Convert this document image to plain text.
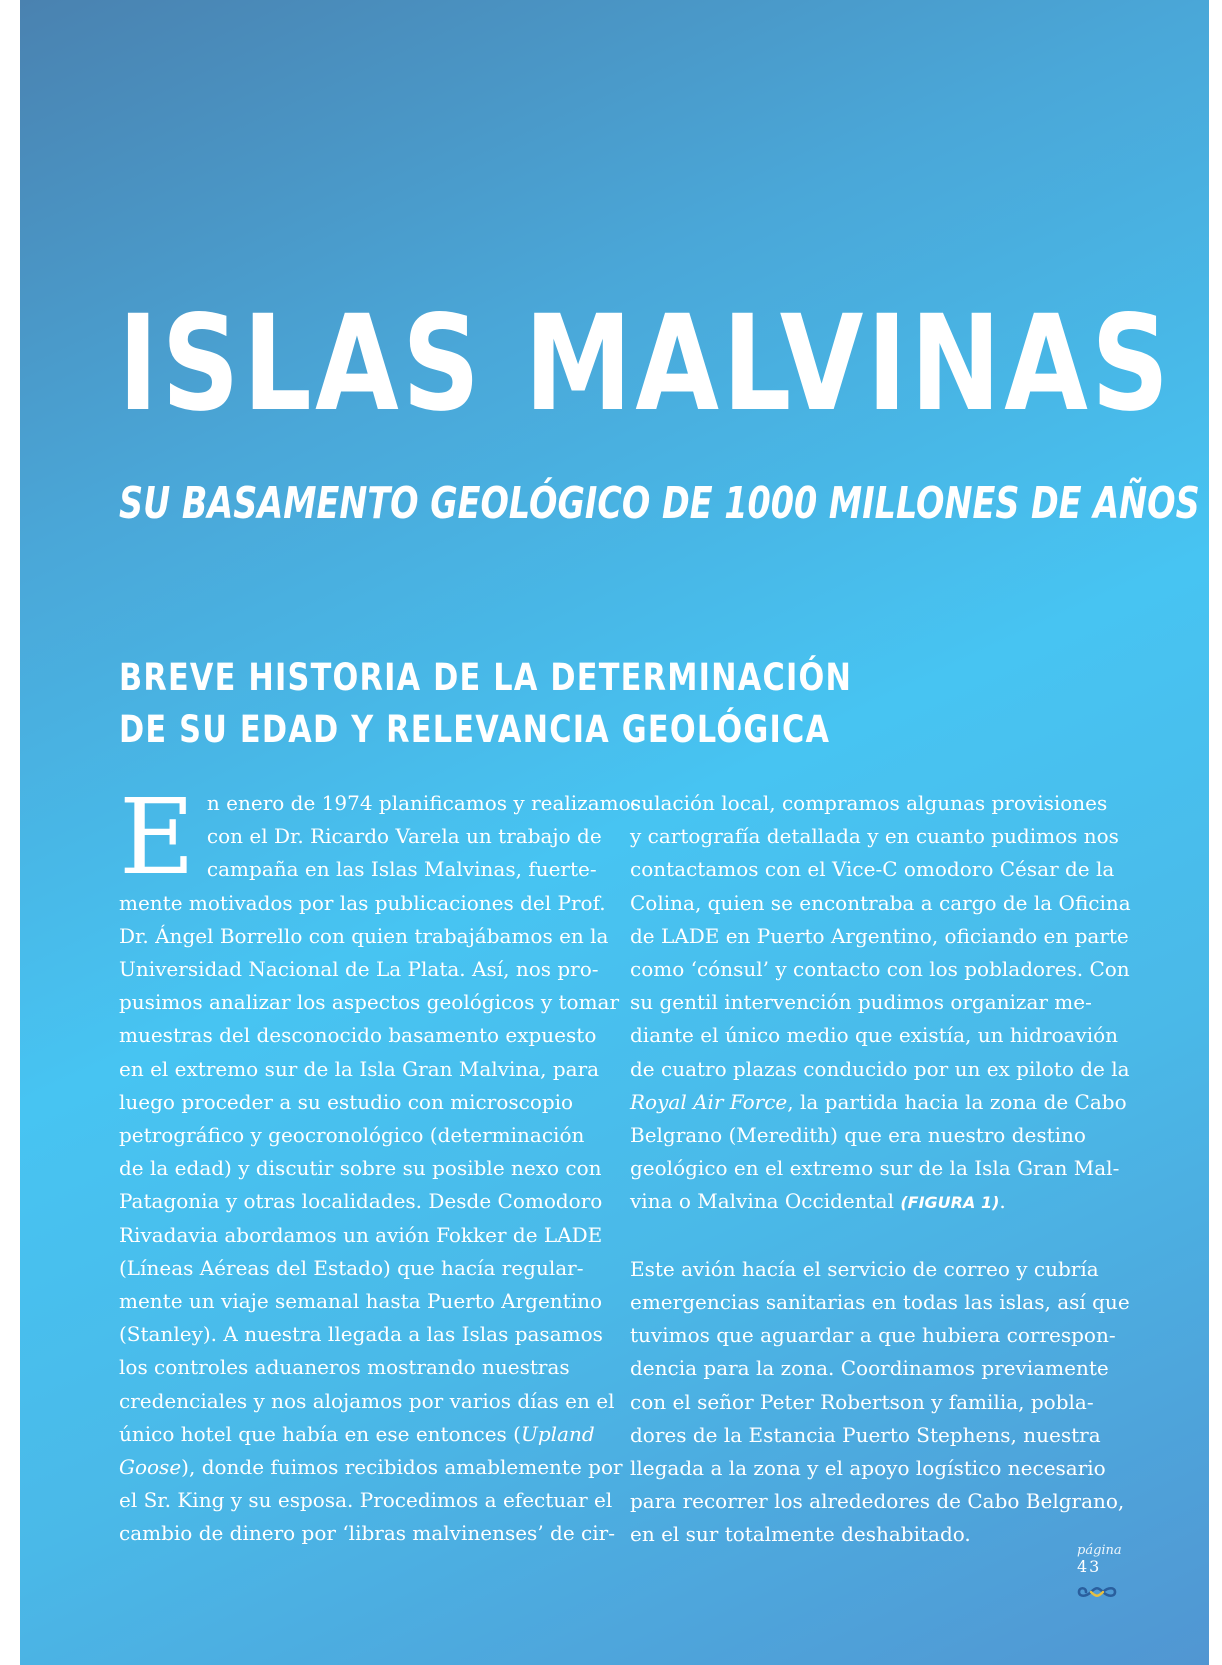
ISLAS MALVINAS
SU BASAMENTO GEOLÓGICO DE 1000 MILLONES DE AÑOS
BREVE HISTORIA DE LA DETERMINACIÓN
DE SU EDAD Y RELEVANCIA GEOLÓGICA
E n enero de 1974 planificamos y realizamos
con el Dr. Ricardo Varela un trabajo de
campaña en las Islas Malvinas, fuerte-
mente motivados por las publicaciones del Prof.
Dr. Ángel Borrello con quien trabajábamos en la
Universidad Nacional de La Plata. Así, nos pro-
pusimos analizar los aspectos geológicos y tomar
muestras del desconocido basamento expuesto
en el extremo sur de la Isla Gran Malvina, para
luego proceder a su estudio con microscopio
petrográfico y geocronológico (determinación
de la edad) y discutir sobre su posible nexo con
Patagonia y otras localidades. Desde Comodoro
Rivadavia abordamos un avión Fokker de LADE
(Líneas Aéreas del Estado) que hacía regular-
mente un viaje semanal hasta Puerto Argentino
(Stanley). A nuestra llegada a las Islas pasamos
los controles aduaneros mostrando nuestras
credenciales y nos alojamos por varios días en el
único hotel que había en ese entonces (Upland
Goose), donde fuimos recibidos amablemente por
el Sr. King y su esposa. Procedimos a efectuar el
cambio de dinero por ‘libras malvinenses’ de cir-
culación local, compramos algunas provisiones
y cartografía detallada y en cuanto pudimos nos
contactamos con el Vice-C omodoro César de la
Colina, quien se encontraba a cargo de la Oficina
de LADE en Puerto Argentino, oficiando en parte
como ‘cónsul’ y contacto con los pobladores. Con
su gentil intervención pudimos organizar me-
diante el único medio que existía, un hidroavión
de cuatro plazas conducido por un ex piloto de la
Royal Air Force, la partida hacia la zona de Cabo
Belgrano (Meredith) que era nuestro destino
geológico en el extremo sur de la Isla Gran Mal-
vina o Malvina Occidental (FIGURA 1).
Este avión hacía el servicio de correo y cubría
emergencias sanitarias en todas las islas, así que
tuvimos que aguardar a que hubiera correspon-
dencia para la zona. Coordinamos previamente
con el señor Peter Robertson y familia, pobla-
dores de la Estancia Puerto Stephens, nuestra
llegada a la zona y el apoyo logístico necesario
para recorrer los alrededores de Cabo Belgrano,
en el sur totalmente deshabitado.
página
43
